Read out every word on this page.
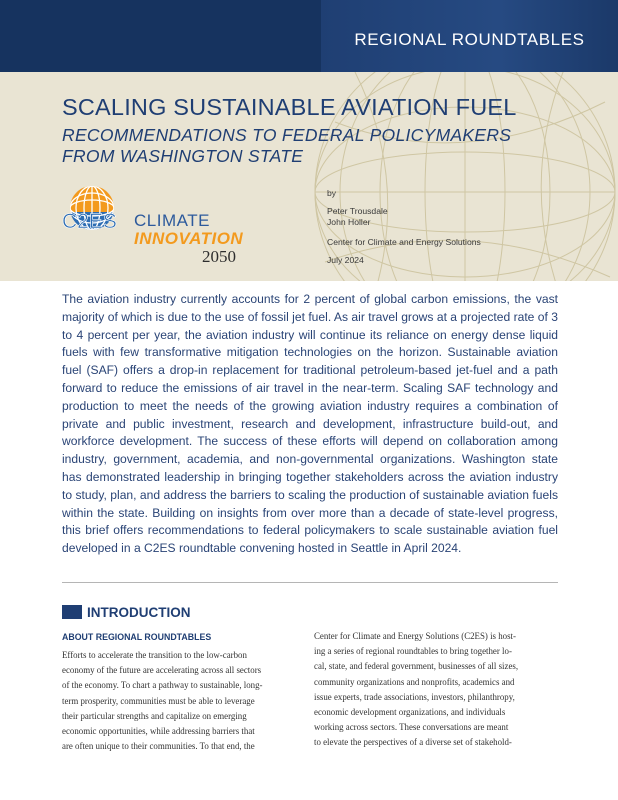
REGIONAL ROUNDTABLES
SCALING SUSTAINABLE AVIATION FUEL
RECOMMENDATIONS TO FEDERAL POLICYMAKERS
FROM WASHINGTON STATE
C2ES CLIMATE
INNOVATION
2050
by
Peter Trousdale
John Holler
Center for Climate and Energy Solutions
July 2024
The aviation industry currently accounts for 2 percent of global carbon emissions, the vast majority of which is due to the use of fossil jet fuel. As air travel grows at a projected rate of 3 to 4 percent per year, the aviation industry will continue its reliance on energy dense liquid fuels with few transformative mitigation technologies on the horizon. Sustainable aviation fuel (SAF) offers a drop-in replacement for traditional petroleum-based jet-fuel and a path forward to reduce the emissions of air travel in the near-term. Scaling SAF technology and production to meet the needs of the growing aviation industry requires a combination of private and public investment, research and development, infrastructure build-out, and workforce development. The success of these efforts will depend on collaboration among industry, government, academia, and non-governmental organizations. Washington state has demonstrated leadership in bringing together stakeholders across the aviation industry to study, plan, and address the barriers to scaling the production of sustainable aviation fuels within the state. Building on insights from over more than a decade of state-level progress, this brief offers recommendations to federal policymakers to scale sustainable aviation fuel developed in a C2ES roundtable convening hosted in Seattle in April 2024.
INTRODUCTION
ABOUT REGIONAL ROUNDTABLES
Efforts to accelerate the transition to the low-carbon
economy of the future are accelerating across all sectors
of the economy. To chart a pathway to sustainable, long-
term prosperity, communities must be able to leverage
their particular strengths and capitalize on emerging
economic opportunities, while addressing barriers that
are often unique to their communities. To that end, the
Center for Climate and Energy Solutions (C2ES) is host-
ing a series of regional roundtables to bring together lo-
cal, state, and federal government, businesses of all sizes,
community organizations and nonprofits, academics and
issue experts, trade associations, investors, philanthropy,
economic development organizations, and individuals
working across sectors. These conversations are meant
to elevate the perspectives of a diverse set of stakehold-
